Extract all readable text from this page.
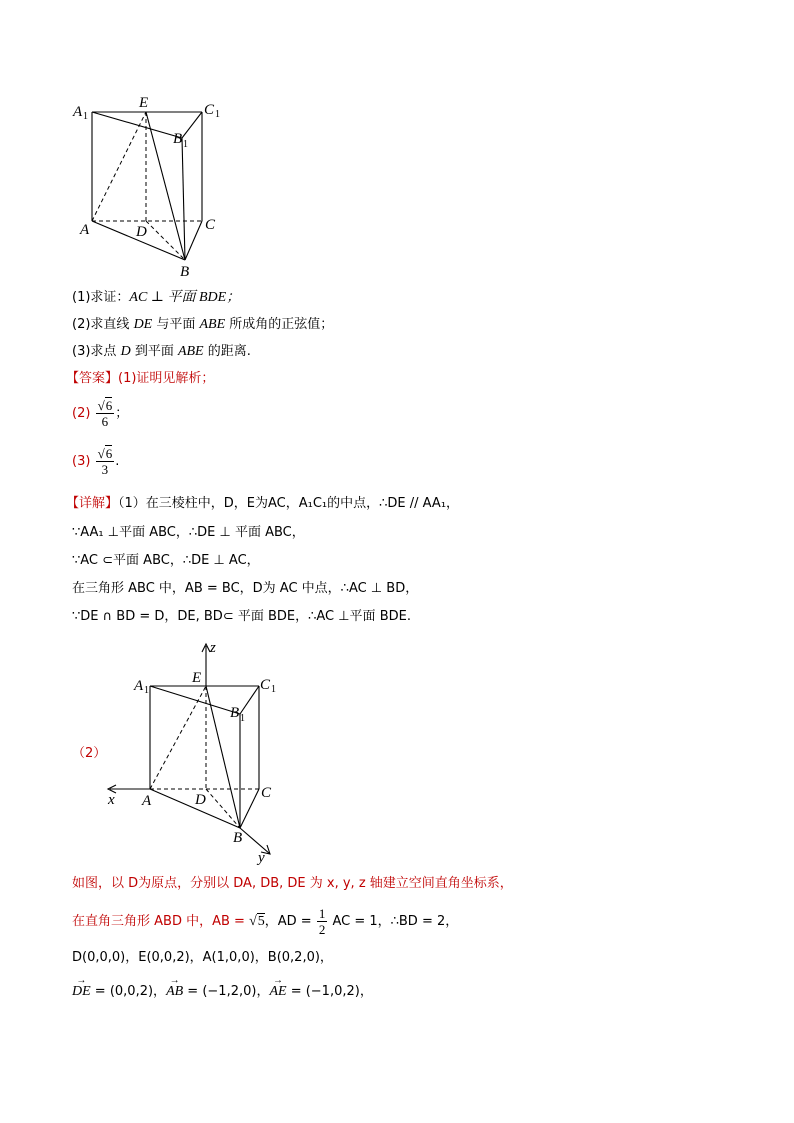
A 1
E	C 1
B 1
A	D	C
B
(1)求证：AC ⊥ 平面 BDE；
(2)求直线 DE 与平面 ABE 所成角的正弦值；
(3)求点 D 到平面 ABE 的距离.
【答案】(1)证明见解析；
$(2) \frac{√6}{6}$ ；
$(3) \frac{√6}{3}$ .
【详解】（1）在三棱柱中，D，E为AC，A₁C₁的中点，∴DE // AA₁，
∵AA₁ ⊥平面 ABC，∴DE ⊥ 平面 ABC，
∵AC ⊂平面 ABC，∴DE ⊥ AC，
在三角形 ABC 中，AB = BC，D为 AC 中点，∴AC ⊥ BD，
∵DE ∩ BD = D，DE, BD⊂ 平面 BDE，∴AC ⊥平面 BDE.
（2）
z
A 1
E	C 1
B 1
x A	D	C
B
y
如图，以 D为原点，分别以 DA, DB, DE 为 x, y, z 轴建立空间直角坐标系，
在直角三角形 ABD 中，AB = √5，AD = $\frac{1}{2}$ AC = 1，∴BD = 2，
D(0,0,0)，E(0,0,2)，A(1,0,0)，B(0,2,0)，
→ DE = (0,0,2)，→ AB = (−1,2,0)，→ AE = (−1,0,2)，
